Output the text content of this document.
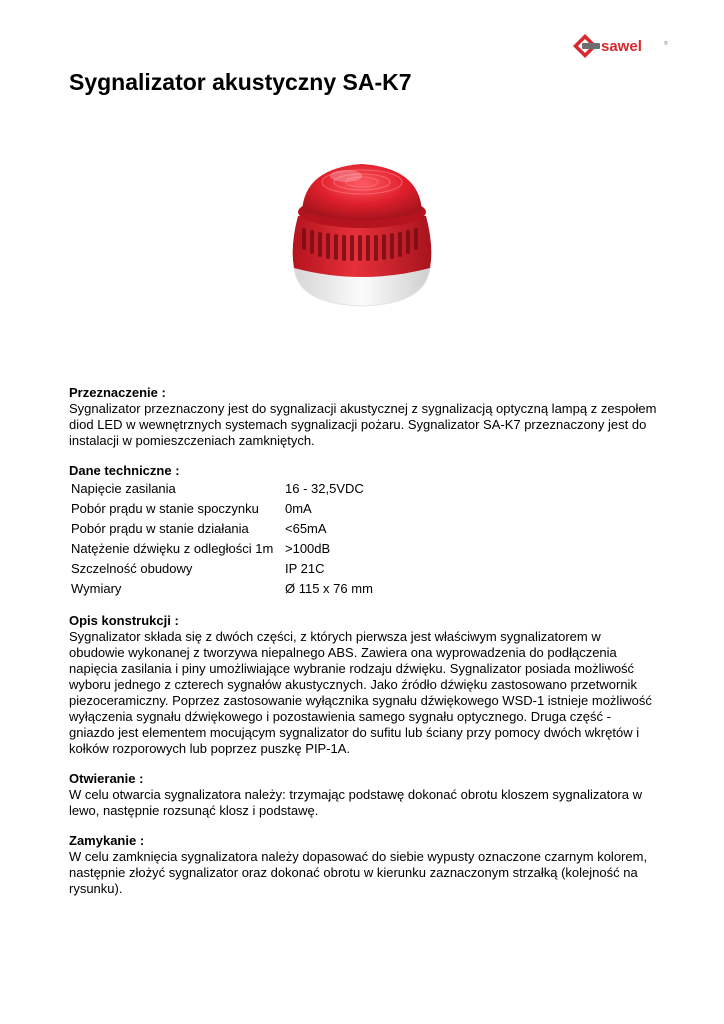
sawel	®
Sygnalizator akustyczny SA-K7
Przeznaczenie :
Sygnalizator przeznaczony jest do sygnalizacji akustycznej z sygnalizacją optyczną lampą z zespołem diod LED w wewnętrznych systemach sygnalizacji pożaru. Sygnalizator SA-K7 przeznaczony jest do instalacji w pomieszczeniach zamkniętych.
Dane techniczne :
Napięcie zasilania	16 - 32,5VDC
Pobór prądu w stanie spoczynku	0mA
Pobór prądu w stanie działania	<65mA
Natężenie dźwięku z odległości 1m	>100dB
Szczelność obudowy	IP 21C
Wymiary	Ø 115 x 76 mm
Opis konstrukcji :
Sygnalizator składa się z dwóch części, z których pierwsza jest właściwym sygnalizatorem w obudowie wykonanej z tworzywa niepalnego ABS. Zawiera ona wyprowadzenia do podłączenia napięcia zasilania i piny umożliwiające wybranie rodzaju dźwięku. Sygnalizator posiada możliwość wyboru jednego z czterech sygnałów akustycznych. Jako źródło dźwięku zastosowano przetwornik piezoceramiczny. Poprzez zastosowanie wyłącznika sygnału dźwiękowego WSD-1 istnieje możliwość wyłączenia sygnału dźwiękowego i pozostawienia samego sygnału optycznego. Druga część - gniazdo jest elementem mocującym sygnalizator do sufitu lub ściany przy pomocy dwóch wkrętów i kołków rozporowych lub poprzez puszkę PIP-1A.
Otwieranie :
W celu otwarcia sygnalizatora należy: trzymając podstawę dokonać obrotu kloszem sygnalizatora w lewo, następnie rozsunąć klosz i podstawę.
Zamykanie :
W celu zamknięcia sygnalizatora należy dopasować do siebie wypusty oznaczone czarnym kolorem, następnie złożyć sygnalizator oraz dokonać obrotu w kierunku zaznaczonym strzałką (kolejność na rysunku).
